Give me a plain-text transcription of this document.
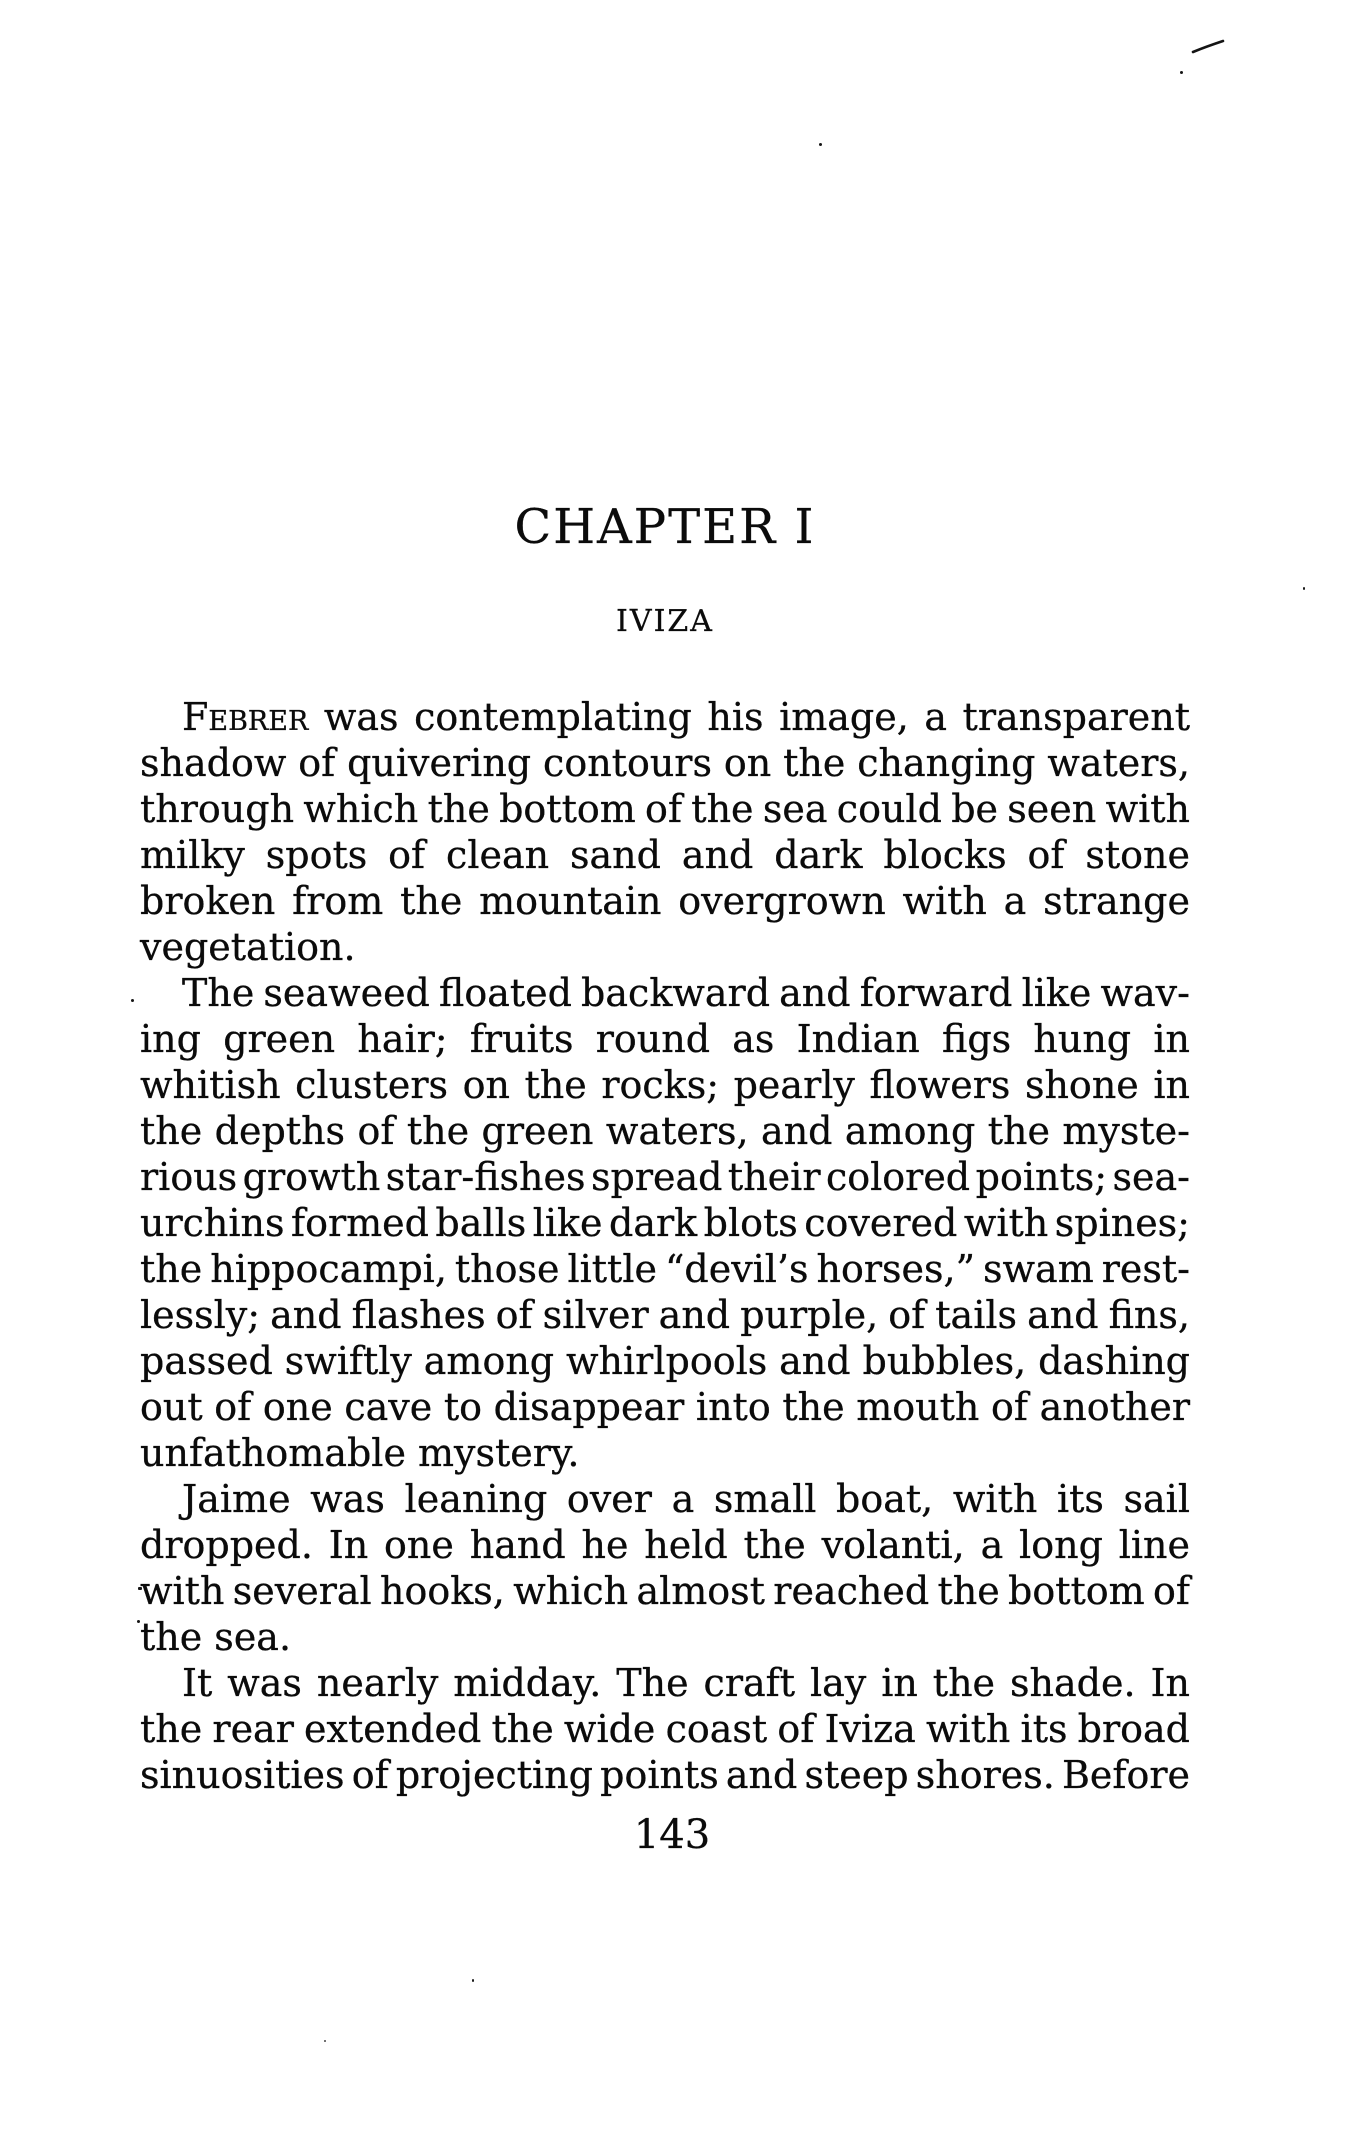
CHAPTER I
IVIZA
Febrer was contemplating his image, a transparent
shadow of quivering contours on the changing waters,
through which the bottom of the sea could be seen with
milky spots of clean sand and dark blocks of stone
broken from the mountain overgrown with a strange
vegetation.
The seaweed floated backward and forward like wav-
ing green hair; fruits round as Indian figs hung in
whitish clusters on the rocks; pearly flowers shone in
the depths of the green waters, and among the myste-
rious growth star-fishes spread their colored points; sea-
urchins formed balls like dark blots covered with spines;
the hippocampi, those little “devil’s horses,” swam rest-
lessly; and flashes of silver and purple, of tails and fins,
passed swiftly among whirlpools and bubbles, dashing
out of one cave to disappear into the mouth of another
unfathomable mystery.
Jaime was leaning over a small boat, with its sail
dropped. In one hand he held the volanti, a long line
with several hooks, which almost reached the bottom of
the sea.
It was nearly midday. The craft lay in the shade. In
the rear extended the wide coast of Iviza with its broad
sinuosities of projecting points and steep shores. Before
143
